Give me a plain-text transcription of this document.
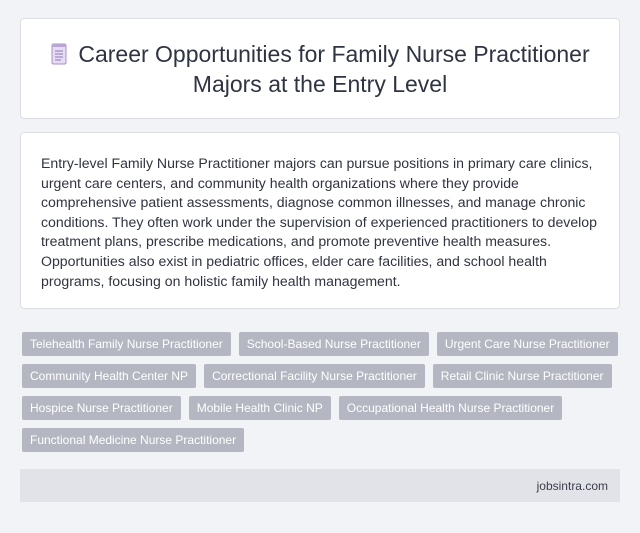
Career Opportunities for Family Nurse Practitioner Majors at the Entry Level

Entry-level Family Nurse Practitioner majors can pursue positions in primary care clinics, urgent care centers, and community health organizations where they provide comprehensive patient assessments, diagnose common illnesses, and manage chronic conditions. They often work under the supervision of experienced practitioners to develop treatment plans, prescribe medications, and promote preventive health measures. Opportunities also exist in pediatric offices, elder care facilities, and school health programs, focusing on holistic family health management.

Telehealth Family Nurse Practitioner	School-Based Nurse Practitioner	Urgent Care Nurse Practitioner
Community Health Center NP	Correctional Facility Nurse Practitioner	Retail Clinic Nurse Practitioner
Hospice Nurse Practitioner	Mobile Health Clinic NP	Occupational Health Nurse Practitioner
Functional Medicine Nurse Practitioner
jobsintra.com
